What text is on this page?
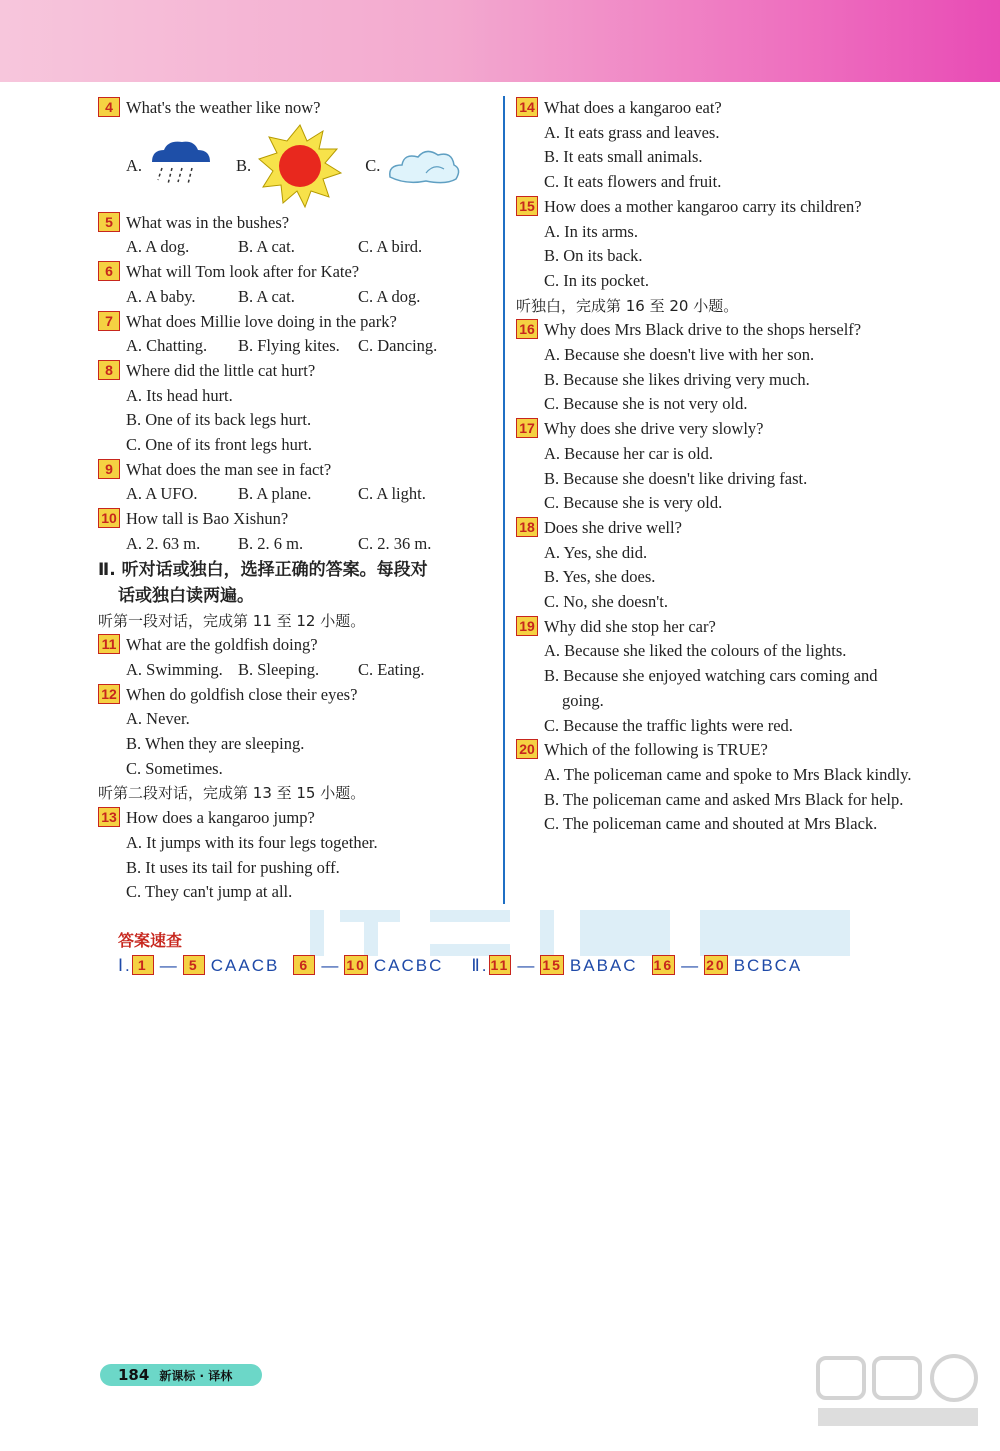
4 What's the weather like now?
A.	B.	C.
5 What was in the bushes?
A. A dog.	B. A cat.	C. A bird.
6 What will Tom look after for Kate?
A. A baby.	B. A cat.	C. A dog.
7 What does Millie love doing in the park?
A. Chatting.	B. Flying kites.	C. Dancing.
8 Where did the little cat hurt?
A. Its head hurt.
B. One of its back legs hurt.
C. One of its front legs hurt.
9 What does the man see in fact?
A. A UFO.	B. A plane.	C. A light.
10 How tall is Bao Xishun?
A. 2. 63 m.	B. 2. 6 m.	C. 2. 36 m.
Ⅱ. 听对话或独白，选择正确的答案。每段对
话或独白读两遍。
听第一段对话，完成第 11 至 12 小题。
11 What are the goldfish doing?
A. Swimming. B. Sleeping.	C. Eating.
12 When do goldfish close their eyes?
A. Never.
B. When they are sleeping.
C. Sometimes.
听第二段对话，完成第 13 至 15 小题。
13 How does a kangaroo jump?
A. It jumps with its four legs together.
B. It uses its tail for pushing off.
C. They can't jump at all.
14 What does a kangaroo eat?
A. It eats grass and leaves.
B. It eats small animals.
C. It eats flowers and fruit.
15 How does a mother kangaroo carry its children?
A. In its arms.
B. On its back.
C. In its pocket.
听独白，完成第 16 至 20 小题。
16 Why does Mrs Black drive to the shops herself?
A. Because she doesn't live with her son.
B. Because she likes driving very much.
C. Because she is not very old.
17 Why does she drive very slowly?
A. Because her car is old.
B. Because she doesn't like driving fast.
C. Because she is very old.
18 Does she drive well?
A. Yes, she did.
B. Yes, she does.
C. No, she doesn't.
19 Why did she stop her car?
A. Because she liked the colours of the lights.
B. Because she enjoyed watching cars coming and going.
C. Because the traffic lights were red.
20 Which of the following is TRUE?
A. The policeman came and spoke to Mrs Black kindly.
B. The policeman came and asked Mrs Black for help.
C. The policeman came and shouted at Mrs Black.
答案速查
Ⅰ. 1 — 5 CAACB 6 — 10 CACBC Ⅱ. 11 — 15 BABAC 16 — 20 BCBCA
184 新课标 · 译林
